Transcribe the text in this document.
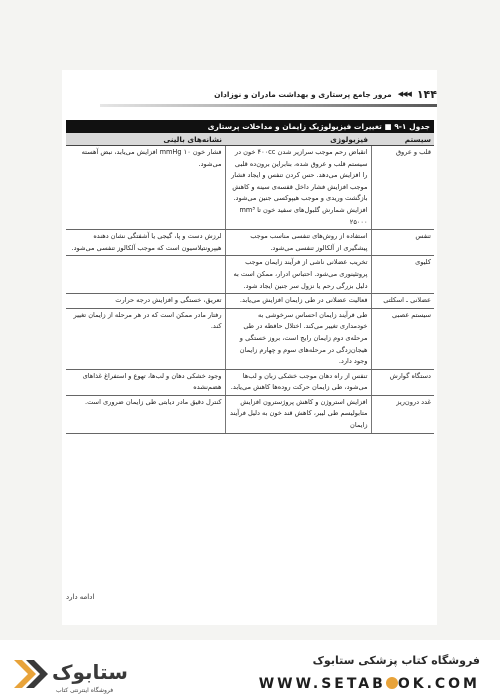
۱۴۴
◀◀◀
مرور جامع پرستاری و بهداشت مادران و نوزادان
جدول ۱-۹ ■ تغییرات فیزیولوژیک زایمان و مداخلات پرستاری
سیستم	فیزیولوژی	نشانه‌های بالینی
قلب و عروق	انقباض رحم موجب سرازیر شدن ۴۰۰cc خون در سیستم قلب و عروق شده، بنابراین برون‌ده قلبی را افزایش می‌دهد. حس کردن تنفس و ایجاد فشار موجب افزایش فشار داخل قفسه‌ی سینه و کاهش بازگشت وریدی و موجب هیپوکسی جنین می‌شود. افزایش شمارش گلبول‌های سفید خون تا mm³ ۲۵۰۰۰	فشار خون mmHg ۱۰ افزایش می‌یابد، نبض آهسته می‌شود.
تنفس	استفاده از روش‌های تنفسی مناسب موجب پیشگیری از آلکالوز تنفسی می‌شود.	لرزش دست و پا، گیجی یا آشفتگی نشان دهنده هیپرونتیلاسیون است که موجب آلکالوز تنفسی می‌شود.
کلیوی	تخریب عضلانی ناشی از فرآیند زایمان موجب پروتئینوری می‌شود. احتباس ادرار، ممکن است به دلیل بزرگی رحم یا نزول سر جنین ایجاد شود.	
عضلانی ـ اسکلتی	فعالیت عضلانی در طی زایمان افزایش می‌یابد.	تعریق، خستگی و افزایش درجه حرارت
سیستم عصبی	طی فرآیند زایمان احساس سرخوشی به خودمداری تغییر می‌کند. اختلال حافظه در طی مرحله‌ی دوم زایمان رایج است، بروز خستگی و هیجان‌زدگی در مرحله‌های سوم و چهارم زایمان وجود دارد.	رفتار مادر ممکن است که در هر مرحله از زایمان تغییر کند.
دستگاه گوارش	تنفس از راه دهان موجب خشکی زبان و لب‌ها می‌شود، طی زایمان حرکت روده‌ها کاهش می‌یابد.	وجود خشکی دهان و لب‌ها، تهوع و استفراغ غذاهای هضم‌نشده
غدد درون‌ریز	افزایش استروژن و کاهش پروژسترون افزایش متابولیسم طی لیبر، کاهش قند خون به دلیل فرآیند زایمان	کنترل دقیق مادر دیابتی طی زایمان ضروری است.
ادامه دارد
ستابوک
فروشگاه اینترنتی کتاب
فروشگاه کتاب پزشکی ستابوک
WWW.SETAB OK.COM
